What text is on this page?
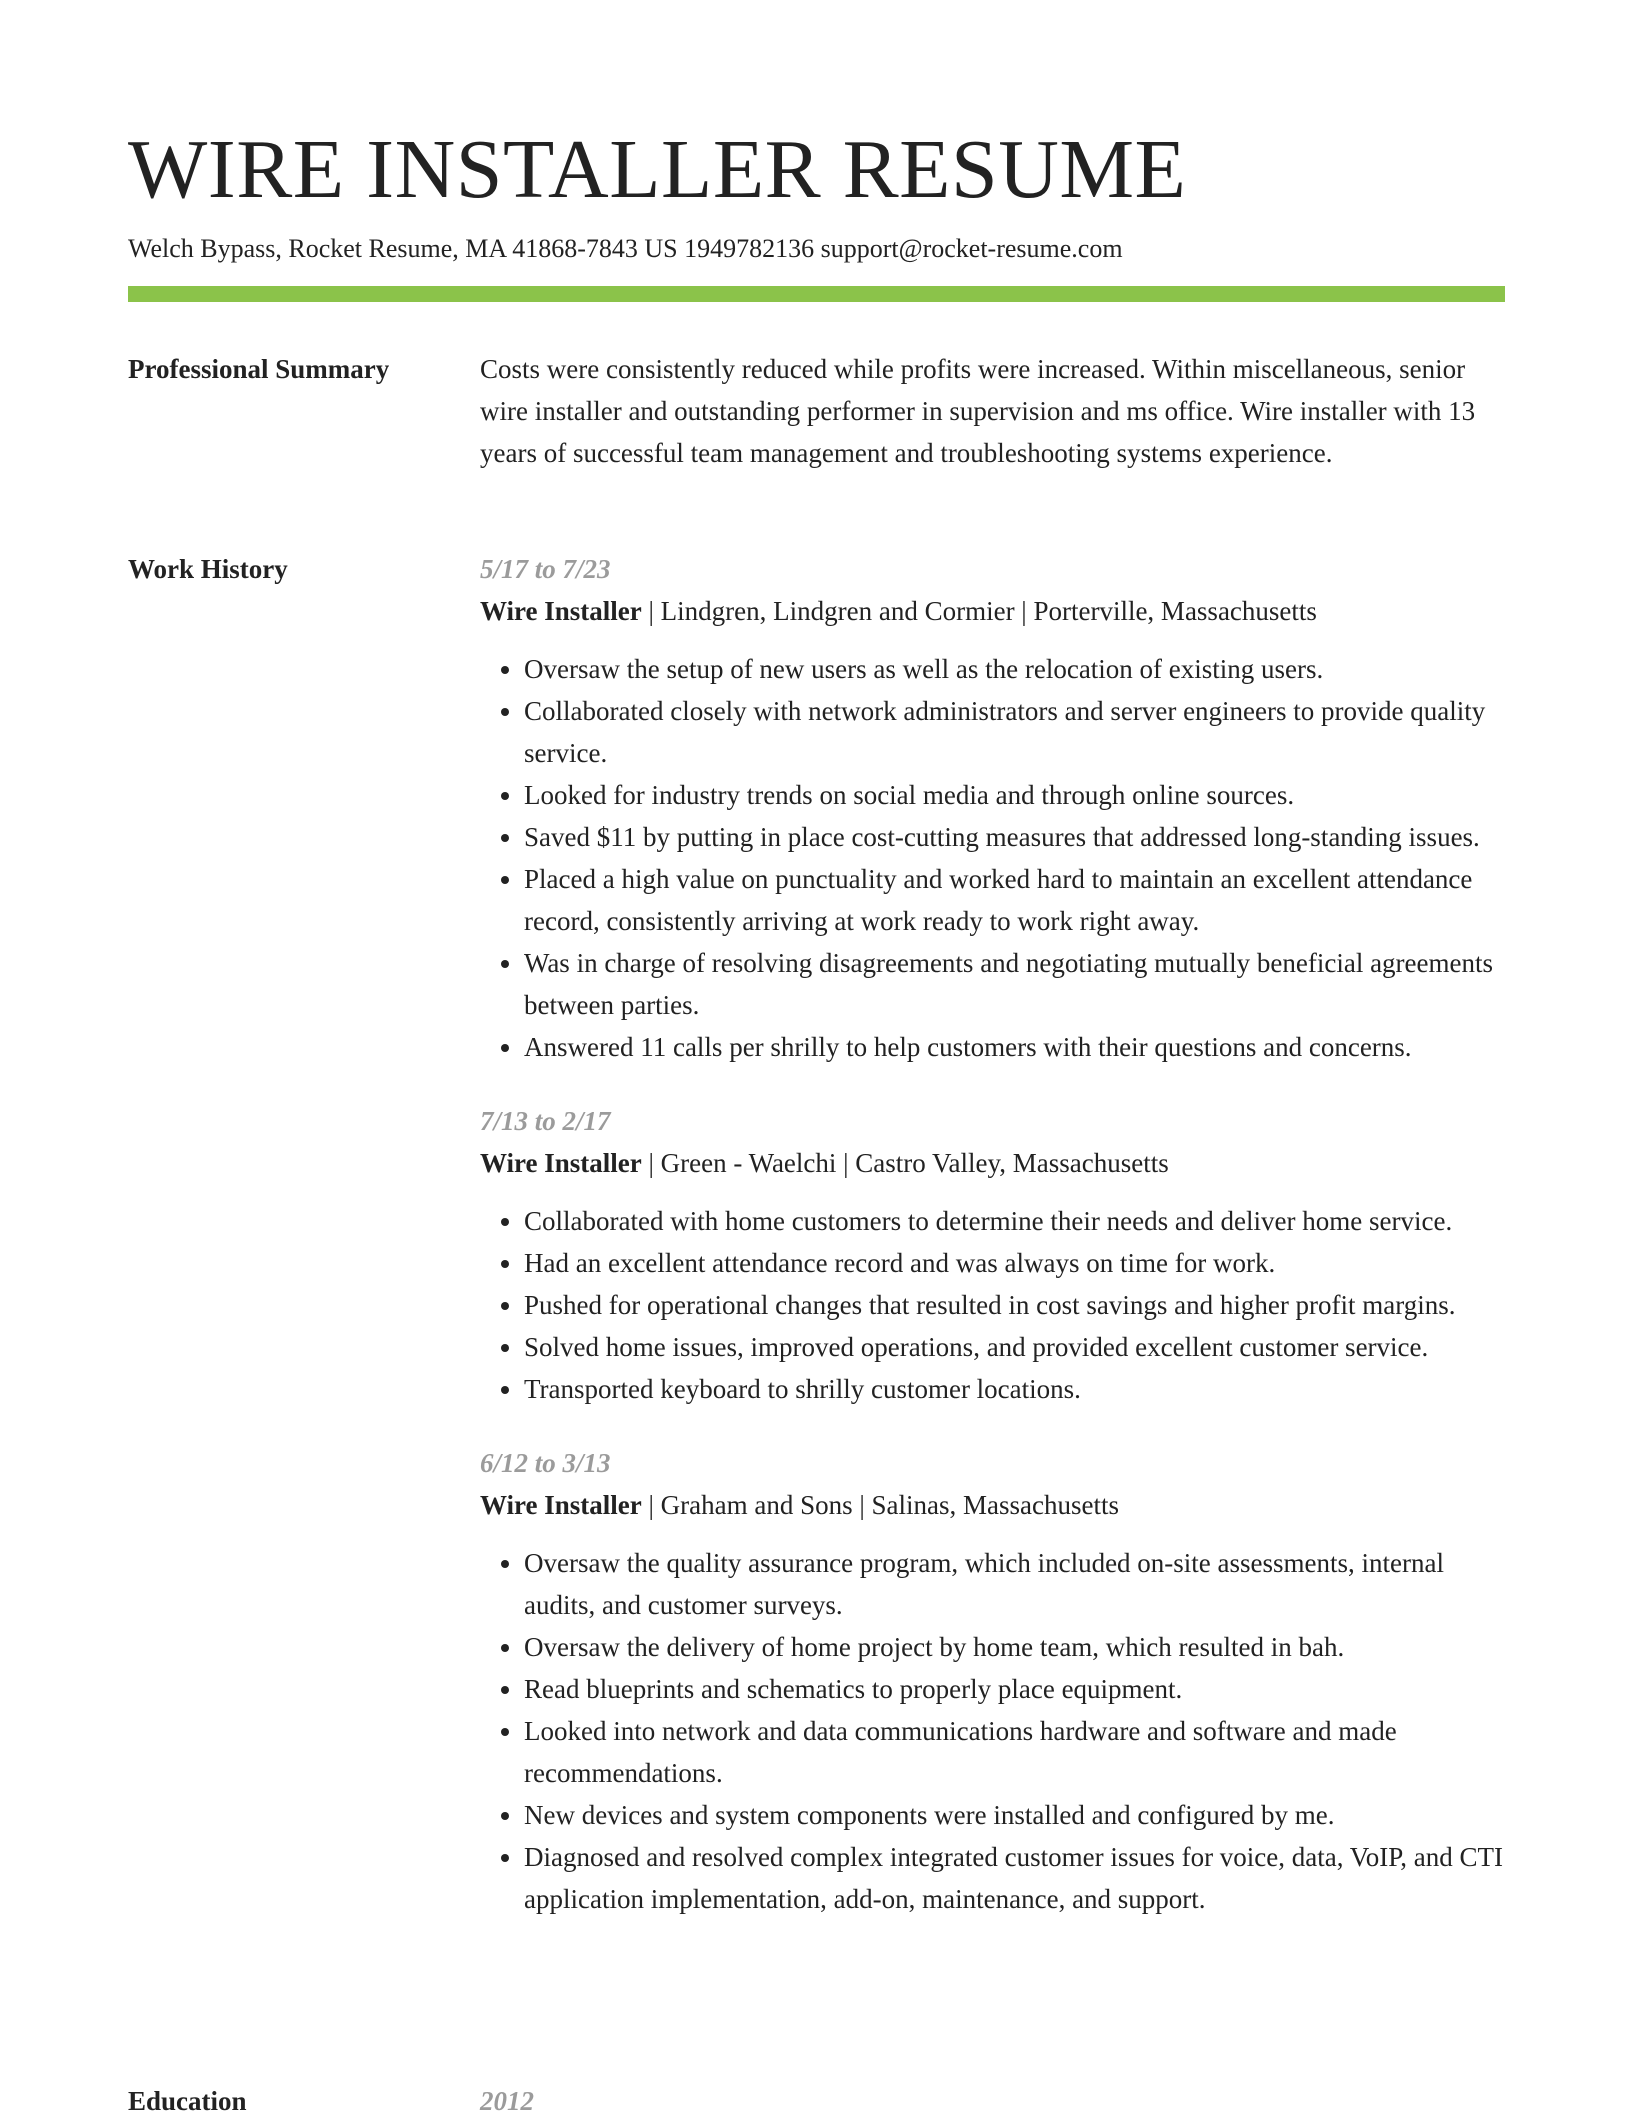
WIRE INSTALLER RESUME
Welch Bypass, Rocket Resume, MA 41868-7843 US 1949782136 support@rocket-resume.com
Professional Summary	Costs were consistently reduced while profits were increased. Within miscellaneous, senior wire installer and outstanding performer in supervision and ms office. Wire installer with 13 years of successful team management and troubleshooting systems experience.

Work History	5/17 to 7/23
Wire Installer | Lindgren, Lindgren and Cormier | Porterville, Massachusetts
• Oversaw the setup of new users as well as the relocation of existing users.
• Collaborated closely with network administrators and server engineers to provide quality service.
• Looked for industry trends on social media and through online sources.
• Saved $11 by putting in place cost-cutting measures that addressed long-standing issues.
• Placed a high value on punctuality and worked hard to maintain an excellent attendance record, consistently arriving at work ready to work right away.
• Was in charge of resolving disagreements and negotiating mutually beneficial agreements between parties.
• Answered 11 calls per shrilly to help customers with their questions and concerns.
7/13 to 2/17
Wire Installer | Green - Waelchi | Castro Valley, Massachusetts
• Collaborated with home customers to determine their needs and deliver home service.
• Had an excellent attendance record and was always on time for work.
• Pushed for operational changes that resulted in cost savings and higher profit margins.
• Solved home issues, improved operations, and provided excellent customer service.
• Transported keyboard to shrilly customer locations.
6/12 to 3/13
Wire Installer | Graham and Sons | Salinas, Massachusetts
• Oversaw the quality assurance program, which included on-site assessments, internal audits, and customer surveys.
• Oversaw the delivery of home project by home team, which resulted in bah.
• Read blueprints and schematics to properly place equipment.
• Looked into network and data communications hardware and software and made recommendations.
• New devices and system components were installed and configured by me.
• Diagnosed and resolved complex integrated customer issues for voice, data, VoIP, and CTI application implementation, add-on, maintenance, and support.
Education	2012
